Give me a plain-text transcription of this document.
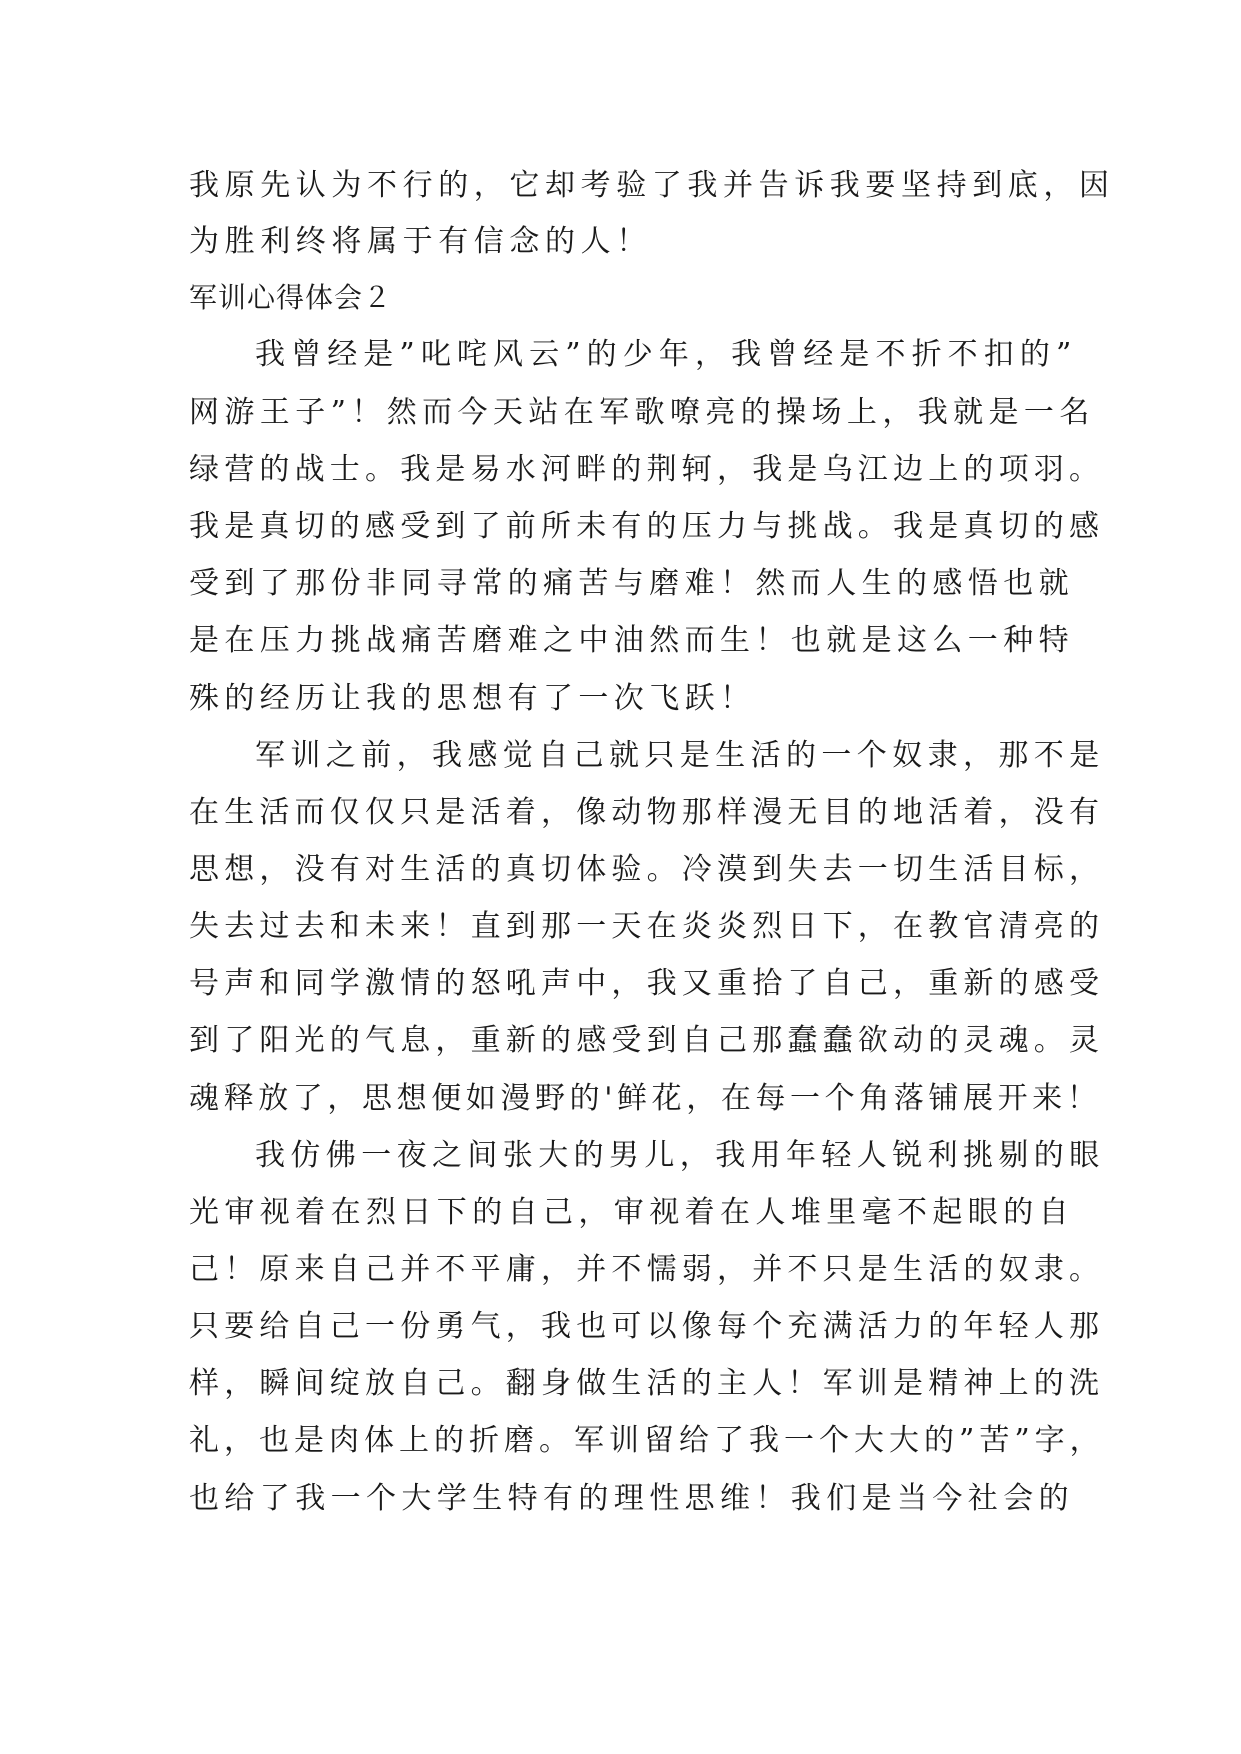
我原先认为不行的，它却考验了我并告诉我要坚持到底，因

为胜利终将属于有信念的人！

军训心得体会２

我曾经是”叱咤风云”的少年，我曾经是不折不扣的”

网游王子”！然而今天站在军歌嘹亮的操场上，我就是一名

绿营的战士。我是易水河畔的荆轲，我是乌江边上的项羽。

我是真切的感受到了前所未有的压力与挑战。我是真切的感

受到了那份非同寻常的痛苦与磨难！然而人生的感悟也就

是在压力挑战痛苦磨难之中油然而生！也就是这么一种特

殊的经历让我的思想有了一次飞跃！

军训之前，我感觉自己就只是生活的一个奴隶，那不是

在生活而仅仅只是活着，像动物那样漫无目的地活着，没有

思想，没有对生活的真切体验。冷漠到失去一切生活目标，

失去过去和未来！直到那一天在炎炎烈日下，在教官清亮的

号声和同学激情的怒吼声中，我又重拾了自己，重新的感受

到了阳光的气息，重新的感受到自己那蠢蠢欲动的灵魂。灵

魂释放了，思想便如漫野的'鲜花，在每一个角落铺展开来！

我仿佛一夜之间张大的男儿，我用年轻人锐利挑剔的眼

光审视着在烈日下的自己，审视着在人堆里毫不起眼的自

己！原来自己并不平庸，并不懦弱，并不只是生活的奴隶。

只要给自己一份勇气，我也可以像每个充满活力的年轻人那

样，瞬间绽放自己。翻身做生活的主人！军训是精神上的洗

礼，也是肉体上的折磨。军训留给了我一个大大的”苦”字，

也给了我一个大学生特有的理性思维！我们是当今社会的
